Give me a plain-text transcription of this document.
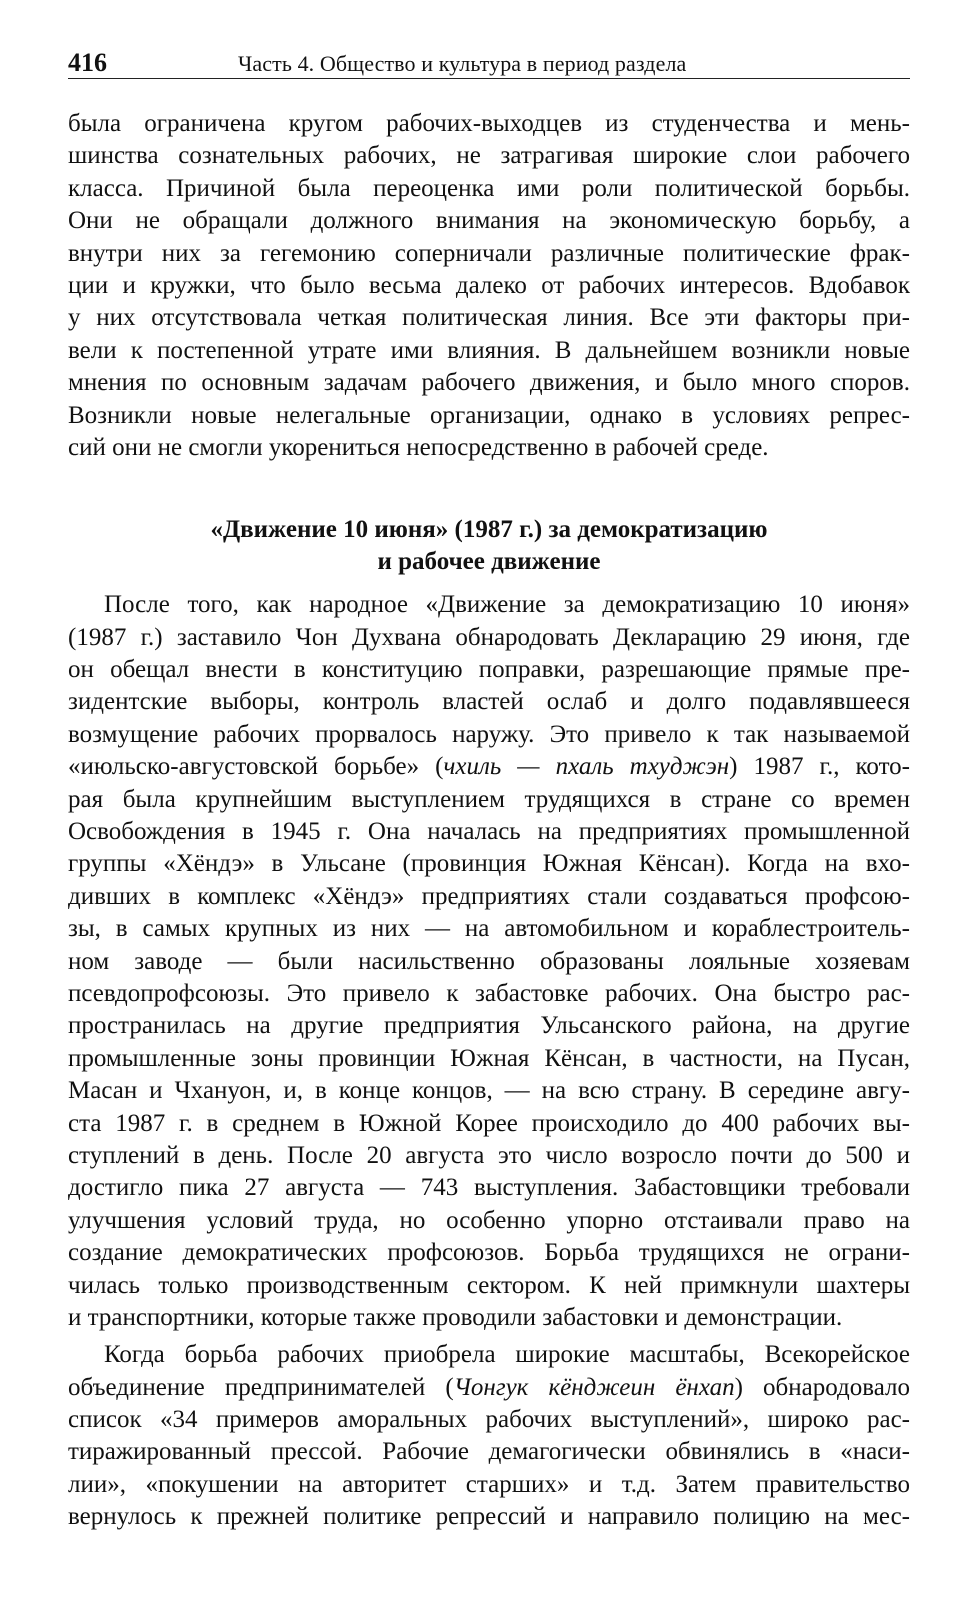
416	Часть 4. Общество и культура в период раздела
была ограничена кругом рабочих-выходцев из студенчества и мень-
шинства сознательных рабочих, не затрагивая широкие слои рабочего
класса. Причиной была переоценка ими роли политической борьбы.
Они не обращали должного внимания на экономическую борьбу, а
внутри них за гегемонию соперничали различные политические фрак-
ции и кружки, что было весьма далеко от рабочих интересов. Вдобавок
у них отсутствовала четкая политическая линия. Все эти факторы при-
вели к постепенной утрате ими влияния. В дальнейшем возникли новые
мнения по основным задачам рабочего движения, и было много споров.
Возникли новые нелегальные организации, однако в условиях репрес-
сий они не смогли укорениться непосредственно в рабочей среде.
«Движение 10 июня» (1987 г.) за демократизацию
и рабочее движение
После того, как народное «Движение за демократизацию 10 июня»
(1987 г.) заставило Чон Духвана обнародовать Декларацию 29 июня, где
он обещал внести в конституцию поправки, разрешающие прямые пре-
зидентские выборы, контроль властей ослаб и долго подавлявшееся
возмущение рабочих прорвалось наружу. Это привело к так называемой
«июльско-августовской борьбе» (чхиль — пхаль тхуджэн) 1987 г., кото-
рая была крупнейшим выступлением трудящихся в стране со времен
Освобождения в 1945 г. Она началась на предприятиях промышленной
группы «Хёндэ» в Ульсане (провинция Южная Кёнсан). Когда на вхо-
дивших в комплекс «Хёндэ» предприятиях стали создаваться профсою-
зы, в самых крупных из них — на автомобильном и кораблестроитель-
ном заводе — были насильственно образованы лояльные хозяевам
псевдопрофсоюзы. Это привело к забастовке рабочих. Она быстро рас-
пространилась на другие предприятия Ульсанского района, на другие
промышленные зоны провинции Южная Кёнсан, в частности, на Пусан,
Масан и Чхануон, и, в конце концов, — на всю страну. В середине авгу-
ста 1987 г. в среднем в Южной Корее происходило до 400 рабочих вы-
ступлений в день. После 20 августа это число возросло почти до 500 и
достигло пика 27 августа — 743 выступления. Забастовщики требовали
улучшения условий труда, но особенно упорно отстаивали право на
создание демократических профсоюзов. Борьба трудящихся не ограни-
чилась только производственным сектором. К ней примкнули шахтеры
и транспортники, которые также проводили забастовки и демонстрации.
Когда борьба рабочих приобрела широкие масштабы, Всекорейское
объединение предпринимателей (Чонгук кёнджеин ёнхап) обнародовало
список «34 примеров аморальных рабочих выступлений», широко рас-
тиражированный прессой. Рабочие демагогически обвинялись в «наси-
лии», «покушении на авторитет старших» и т.д. Затем правительство
вернулось к прежней политике репрессий и направило полицию на мес-
